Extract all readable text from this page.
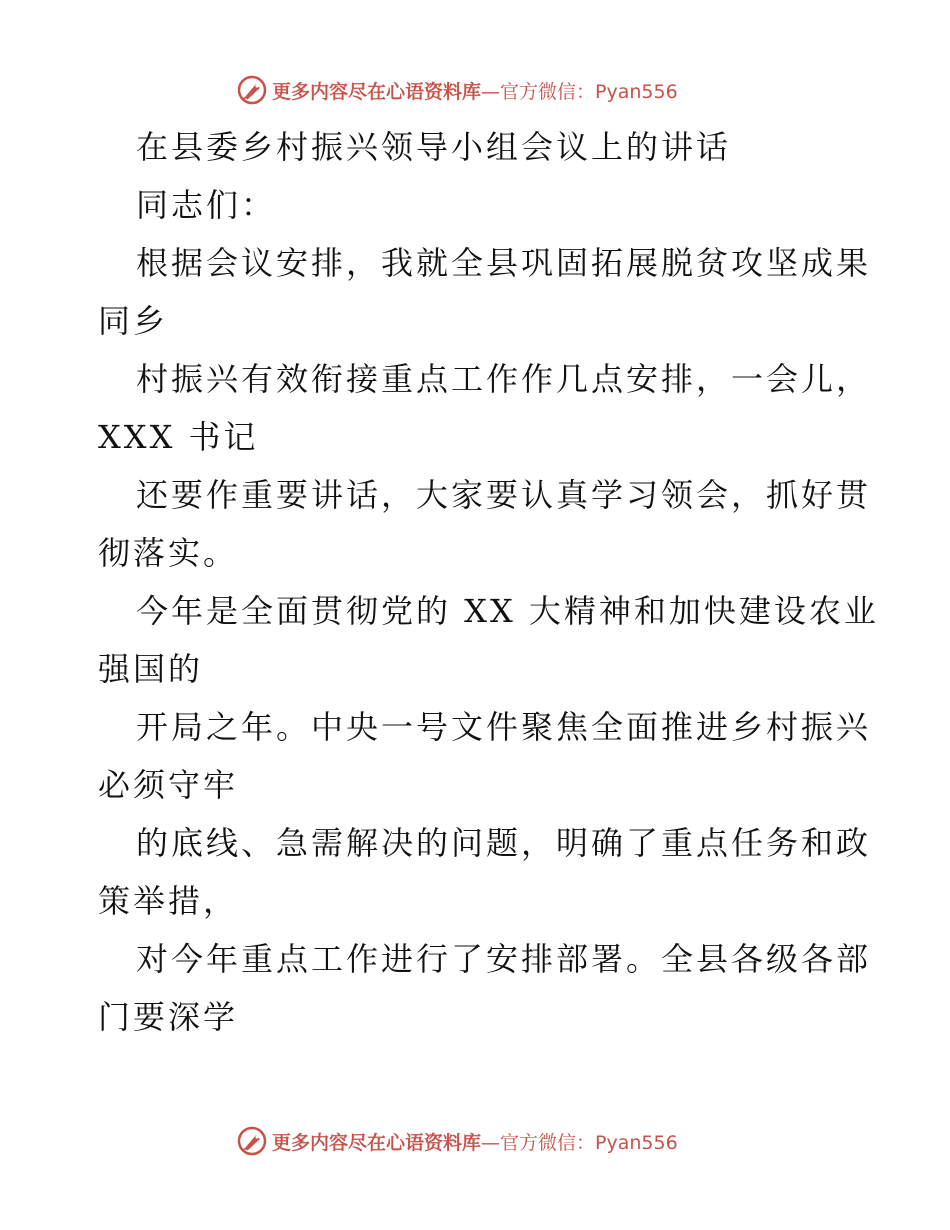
更多内容尽在心语资料库—官方微信：Pyan556
在县委乡村振兴领导小组会议上的讲话
同志们：
根据会议安排，我就全县巩固拓展脱贫攻坚成果
同乡
村振兴有效衔接重点工作作几点安排，一会儿，
XXX 书记
还要作重要讲话，大家要认真学习领会，抓好贯
彻落实。
今年是全面贯彻党的 XX 大精神和加快建设农业
强国的
开局之年。中央一号文件聚焦全面推进乡村振兴
必须守牢
的底线、急需解决的问题，明确了重点任务和政
策举措，
对今年重点工作进行了安排部署。全县各级各部
门要深学
更多内容尽在心语资料库—官方微信：Pyan556
